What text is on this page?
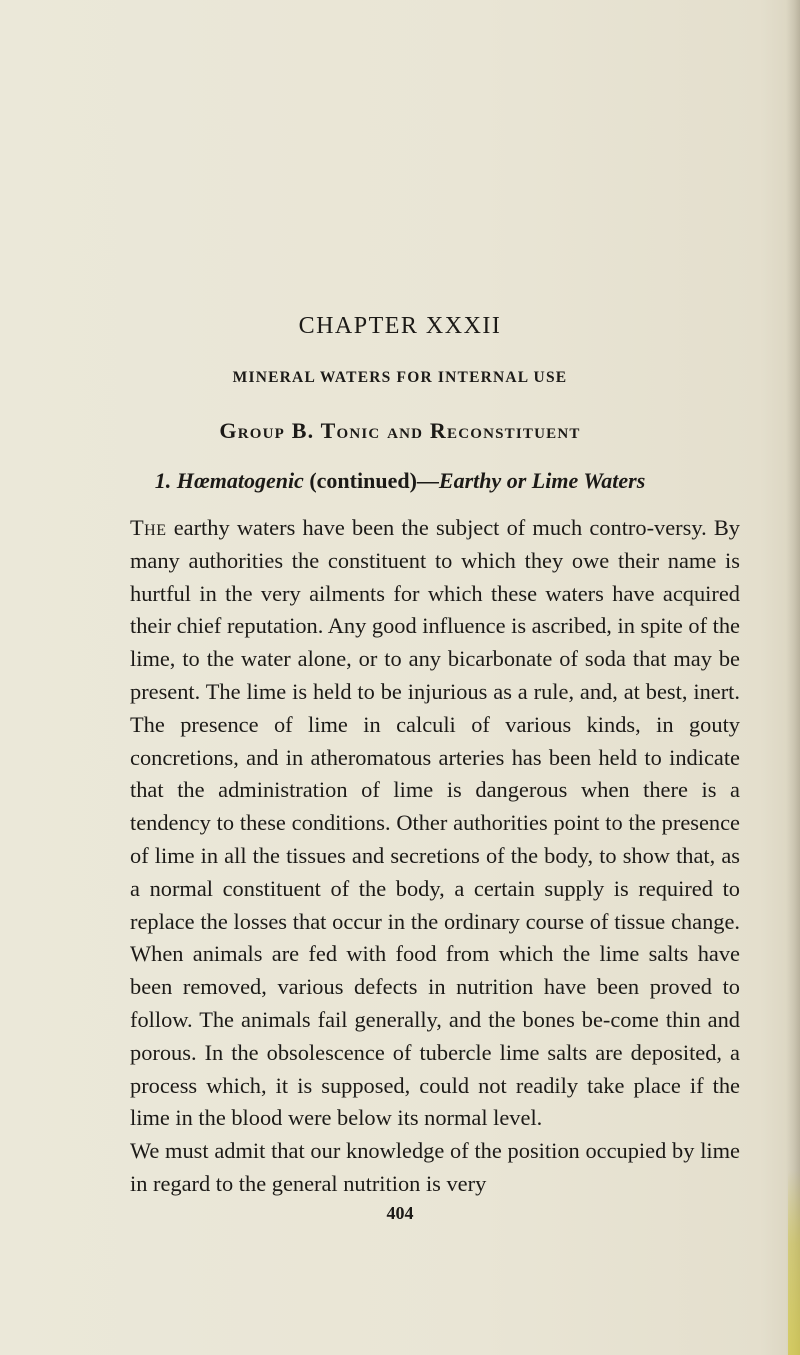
CHAPTER XXXII
MINERAL WATERS FOR INTERNAL USE
Group B. Tonic and Reconstituent
1. Hœmatogenic (continued)—Earthy or Lime Waters

The earthy waters have been the subject of much contro-versy. By many authorities the constituent to which they owe their name is hurtful in the very ailments for which these waters have acquired their chief reputation. Any good influence is ascribed, in spite of the lime, to the water alone, or to any bicarbonate of soda that may be present. The lime is held to be injurious as a rule, and, at best, inert. The presence of lime in calculi of various kinds, in gouty concretions, and in atheromatous arteries has been held to indicate that the administration of lime is dangerous when there is a tendency to these conditions. Other authorities point to the presence of lime in all the tissues and secretions of the body, to show that, as a normal constituent of the body, a certain supply is required to replace the losses that occur in the ordinary course of tissue change. When animals are fed with food from which the lime salts have been removed, various defects in nutrition have been proved to follow. The animals fail generally, and the bones be-come thin and porous. In the obsolescence of tubercle lime salts are deposited, a process which, it is supposed, could not readily take place if the lime in the blood were below its normal level.

We must admit that our knowledge of the position occupied by lime in regard to the general nutrition is very

404
